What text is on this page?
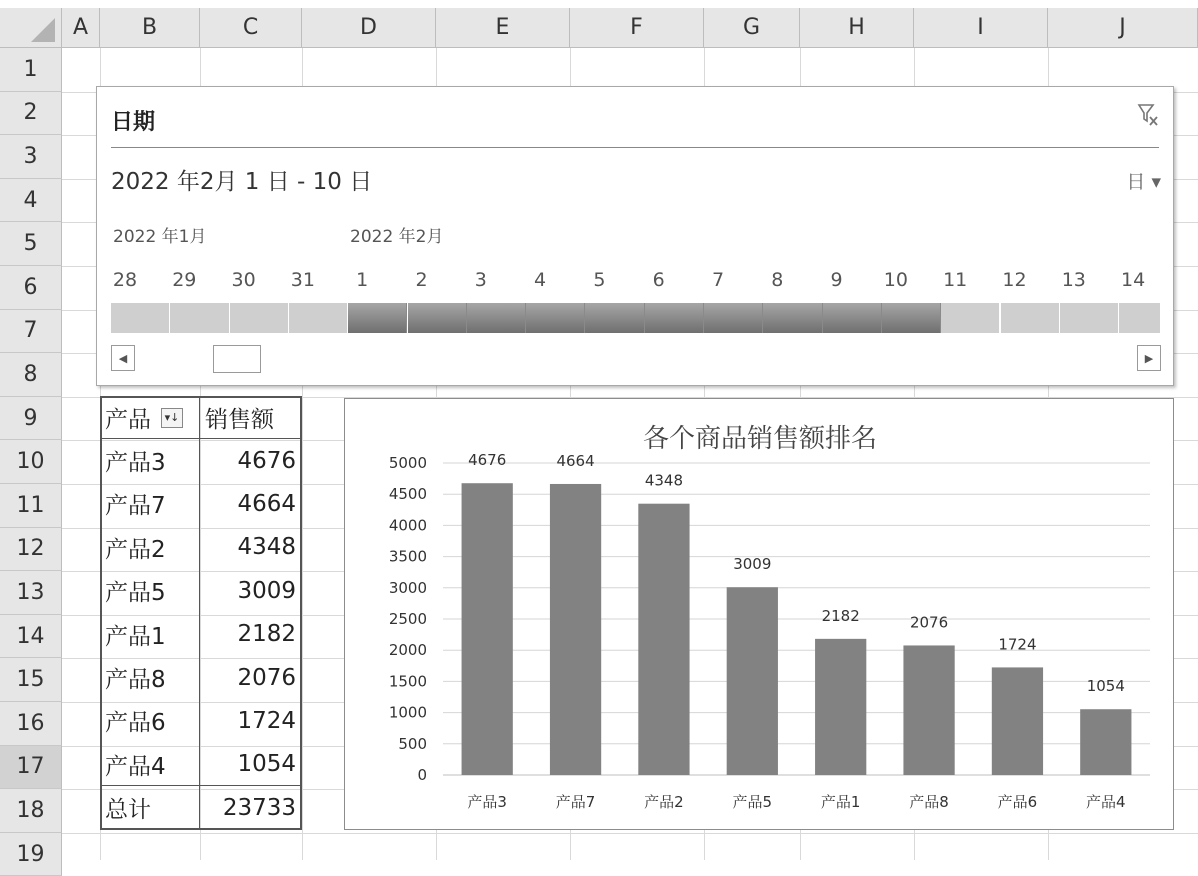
A	B	C	D	E	F	G	H	I	J
1
2
3
4
5
6
7
8
9
10
11
12
13
14
15
16
17
18
19
产品	▾↓ 销售额
产品3	4676
产品7	4664
产品2	4348
产品5	3009
产品1	2182
产品8	2076
产品6	1724
产品4	1054
总计	23733
日期
2022 年2月 1 日 - 10 日	日 ▾
2022 年1月	2022 年2月
28	29	30	31	1	2	3	4	5	6	7	8	9	10	11	12	13	14
◀	▶
各个商品销售额排名
0
500
1000
1500
2000
2500
3000
3500
4000
4500
5000	4676
产品3
4664
产品7
4348
产品2
3009
产品5
2182
产品1
2076
产品8
1724
产品6
1054
产品4
